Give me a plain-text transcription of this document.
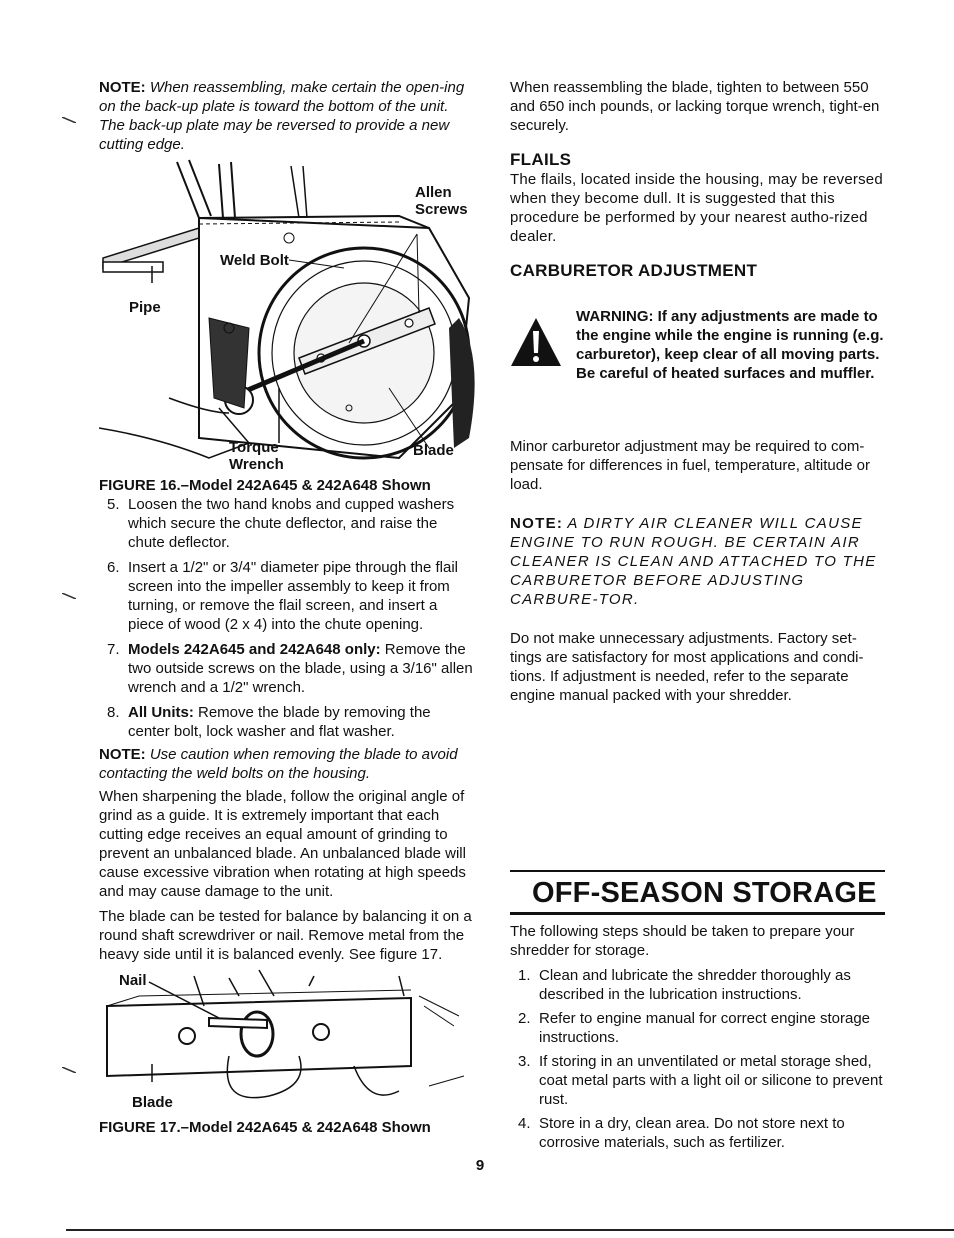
NOTE: When reassembling, make certain the open-ing on the back-up plate is toward the bottom of the unit. The back-up plate may be reversed to provide a new cutting edge.

Allen Screws
Weld Bolt
Pipe
Torque Wrench
Blade

FIGURE 16.–Model 242A645 & 242A648 Shown

5. Loosen the two hand knobs and cupped washers which secure the chute deflector, and raise the chute deflector.
6. Insert a 1/2" or 3/4" diameter pipe through the flail screen into the impeller assembly to keep it from turning, or remove the flail screen, and insert a piece of wood (2 x 4) into the chute opening.
7. Models 242A645 and 242A648 only: Remove the two outside screws on the blade, using a 3/16" allen wrench and a 1/2" wrench.
8. All Units: Remove the blade by removing the center bolt, lock washer and flat washer.

NOTE: Use caution when removing the blade to avoid contacting the weld bolts on the housing.

When sharpening the blade, follow the original angle of grind as a guide. It is extremely important that each cutting edge receives an equal amount of grinding to prevent an unbalanced blade. An unbalanced blade will cause excessive vibration when rotating at high speeds and may cause damage to the unit.

The blade can be tested for balance by balancing it on a round shaft screwdriver or nail. Remove metal from the heavy side until it is balanced evenly. See figure 17.

Nail
Blade

FIGURE 17.–Model 242A645 & 242A648 Shown

When reassembling the blade, tighten to between 550 and 650 inch pounds, or lacking torque wrench, tight-en securely.

FLAILS

The flails, located inside the housing, may be reversed when they become dull. It is suggested that this procedure be performed by your nearest autho-rized dealer.

CARBURETOR ADJUSTMENT
WARNING: If any adjustments are made to the engine while the engine is running (e.g. carburetor), keep clear of all moving parts. Be careful of heated surfaces and muffler.

Minor carburetor adjustment may be required to com-pensate for differences in fuel, temperature, altitude or load.

NOTE: A DIRTY AIR CLEANER WILL CAUSE ENGINE TO RUN ROUGH. BE CERTAIN AIR CLEANER IS CLEAN AND ATTACHED TO THE CARBURETOR BEFORE ADJUSTING CARBURE-TOR.

Do not make unnecessary adjustments. Factory set-tings are satisfactory for most applications and condi-tions. If adjustment is needed, refer to the separate engine manual packed with your shredder.

OFF-SEASON STORAGE

The following steps should be taken to prepare your shredder for storage.

1. Clean and lubricate the shredder thoroughly as described in the lubrication instructions.
2. Refer to engine manual for correct engine storage instructions.
3. If storing in an unventilated or metal storage shed, coat metal parts with a light oil or silicone to prevent rust.
4. Store in a dry, clean area. Do not store next to corrosive materials, such as fertilizer.
9
